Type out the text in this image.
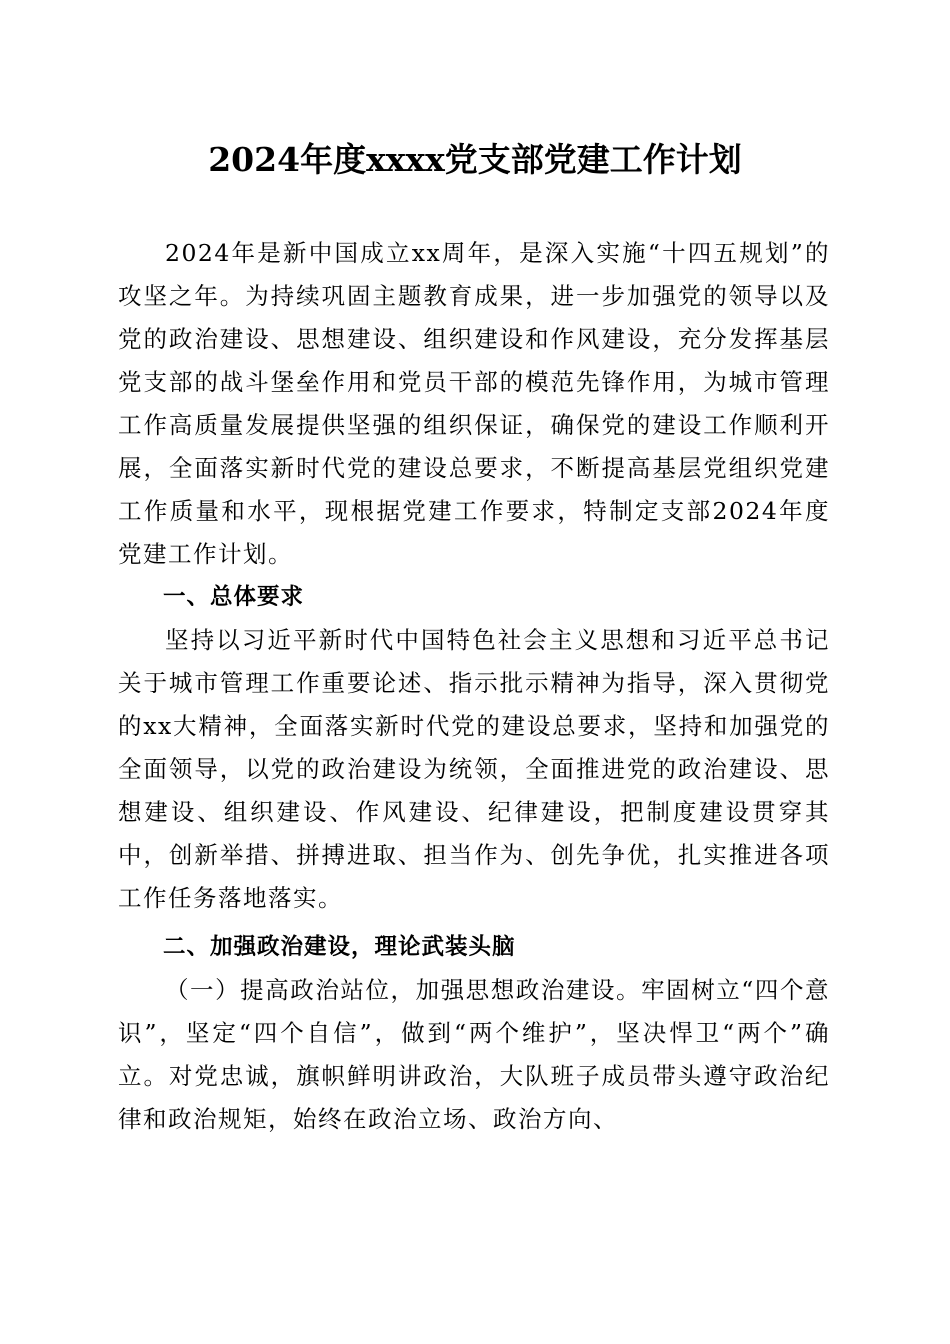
2024年度xxxx党支部党建工作计划

2024年是新中国成立xx周年，是深入实施“十四五规划”的攻坚之年。为持续巩固主题教育成果，进一步加强党的领导以及党的政治建设、思想建设、组织建设和作风建设，充分发挥基层党支部的战斗堡垒作用和党员干部的模范先锋作用，为城市管理工作高质量发展提供坚强的组织保证，确保党的建设工作顺利开展，全面落实新时代党的建设总要求，不断提高基层党组织党建工作质量和水平，现根据党建工作要求，特制定支部2024年度党建工作计划。

一、总体要求

坚持以习近平新时代中国特色社会主义思想和习近平总书记关于城市管理工作重要论述、指示批示精神为指导，深入贯彻党的xx大精神，全面落实新时代党的建设总要求，坚持和加强党的全面领导，以党的政治建设为统领，全面推进党的政治建设、思想建设、组织建设、作风建设、纪律建设，把制度建设贯穿其中，创新举措、拼搏进取、担当作为、创先争优，扎实推进各项工作任务落地落实。

二、加强政治建设，理论武装头脑

（一）提高政治站位，加强思想政治建设。牢固树立“四个意识”，坚定“四个自信”，做到“两个维护”，坚决悍卫“两个”确立。对党忠诚，旗帜鲜明讲政治，大队班子成员带头遵守政治纪律和政治规矩，始终在政治立场、政治方向、
